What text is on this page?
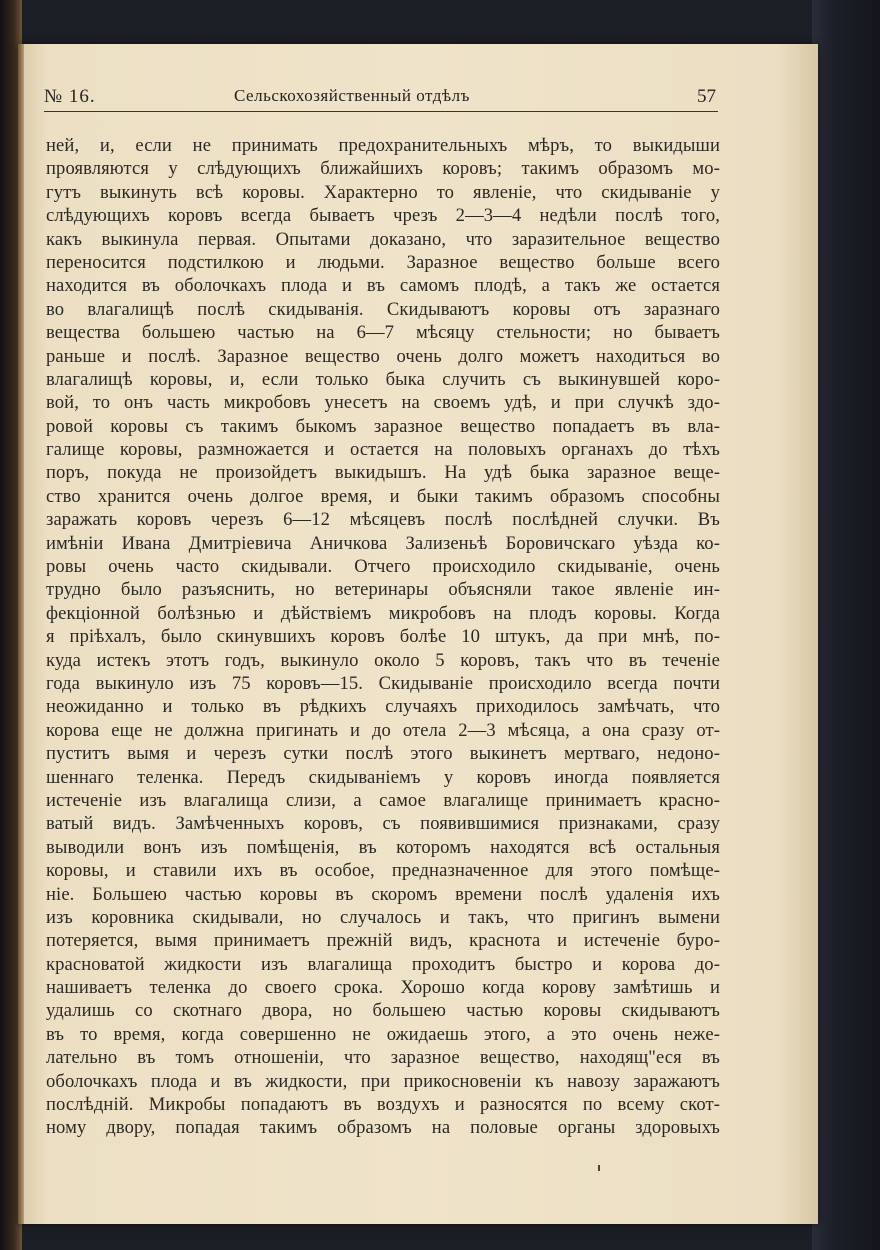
№ 16.	Сельскохозяйственный отдѣлъ	57
ней, и, если не принимать предохранительныхъ мѣръ, то выкидыши
проявляются у слѣдующихъ ближайшихъ коровъ; такимъ образомъ мо-
гутъ выкинуть всѣ коровы. Характерно то явленіе, что скидываніе у
слѣдующихъ коровъ всегда бываетъ чрезъ 2—3—4 недѣли послѣ того,
какъ выкинула первая. Опытами доказано, что заразительное вещество
переносится подстилкою и людьми. Заразное вещество больше всего
находится въ оболочкахъ плода и въ самомъ плодѣ, а такъ же остается
во влагалищѣ послѣ скидыванія. Скидываютъ коровы отъ заразнаго
вещества большею частью на 6—7 мѣсяцу стельности; но бываетъ
раньше и послѣ. Заразное вещество очень долго можетъ находиться во
влагалищѣ коровы, и, если только быка случить съ выкинувшей коро-
вой, то онъ часть микробовъ унесетъ на своемъ удѣ, и при случкѣ здо-
ровой коровы съ такимъ быкомъ заразное вещество попадаетъ въ вла-
галище коровы, размножается и остается на половыхъ органахъ до тѣхъ
поръ, покуда не произойдетъ выкидышъ. На удѣ быка заразное веще-
ство хранится очень долгое время, и быки такимъ образомъ способны
заражать коровъ черезъ 6—12 мѣсяцевъ послѣ послѣдней случки. Въ
имѣніи Ивана Дмитріевича Аничкова Зализеньѣ Боровичскаго уѣзда ко-
ровы очень часто скидывали. Отчего происходило скидываніе, очень
трудно было разъяснить, но ветеринары объясняли такое явленіе ин-
фекціонной болѣзнью и дѣйствіемъ микробовъ на плодъ коровы. Когда
я пріѣхалъ, было скинувшихъ коровъ болѣе 10 штукъ, да при мнѣ, по-
куда истекъ этотъ годъ, выкинуло около 5 коровъ, такъ что въ теченіе
года выкинуло изъ 75 коровъ—15. Скидываніе происходило всегда почти
неожиданно и только въ рѣдкихъ случаяхъ приходилось замѣчать, что
корова еще не должна пригинать и до отела 2—3 мѣсяца, а она сразу от-
пуститъ вымя и черезъ сутки послѣ этого выкинетъ мертваго, недоно-
шеннаго теленка. Передъ скидываніемъ у коровъ иногда появляется
истеченіе изъ влагалища слизи, а самое влагалище принимаетъ красно-
ватый видъ. Замѣченныхъ коровъ, съ появившимися признаками, сразу
выводили вонъ изъ помѣщенія, въ которомъ находятся всѣ остальныя
коровы, и ставили ихъ въ особое, предназначенное для этого помѣще-
ніе. Большею частью коровы въ скоромъ времени послѣ удаленія ихъ
изъ коровника скидывали, но случалось и такъ, что пригинъ вымени
потеряется, вымя принимаетъ прежній видъ, краснота и истеченіе буро-
красноватой жидкости изъ влагалища проходитъ быстро и корова до-
нашиваетъ теленка до своего срока. Хорошо когда корову замѣтишь и
удалишь со скотнаго двора, но большею частью коровы скидываютъ
въ то время, когда совершенно не ожидаешь этого, а это очень нежe-
лательно въ томъ отношеніи, что заразное вещество, находящ"еся въ
оболочкахъ плода и въ жидкости, при прикосновеніи къ навозу заражаютъ
послѣдній. Микробы попадаютъ въ воздухъ и разносятся по всему скот-
ному двору, попадая такимъ образомъ на половые органы здоровыхъ
